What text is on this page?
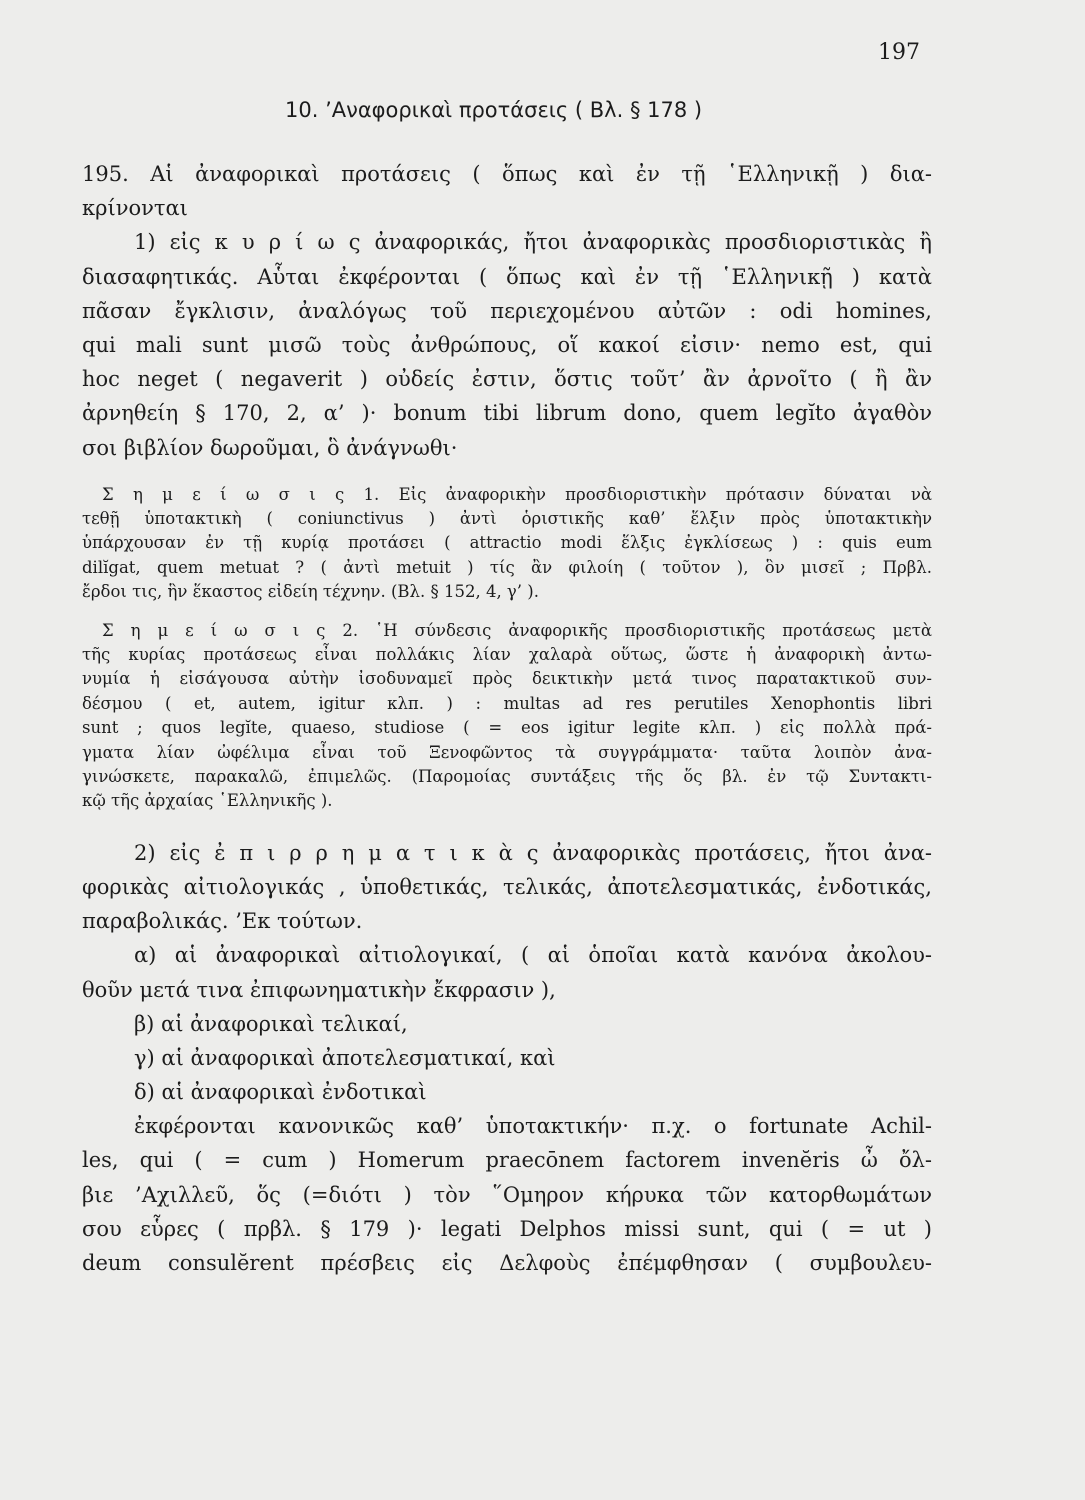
197
10. ’Αναφορικαὶ προτάσεις ( Βλ. § 178 )
195. Αἱ ἀναφορικαὶ προτάσεις ( ὅπως καὶ ἐν τῇ ῾Ελληνικῇ ) δια-
κρίνονται
1) εἰς κ υ ρ ί ω ς ἀναφορικάς, ἤτοι ἀναφορικὰς προσδιοριστικὰς ἢ
διασαφητικάς. Αὗται ἐκφέρονται ( ὅπως καὶ ἐν τῇ ῾Ελληνικῇ ) κατὰ
πᾶσαν ἔγκλισιν, ἀναλόγως τοῦ περιεχομένου αὐτῶν : odi homines,
qui mali sunt μισῶ τοὺς ἀνθρώπους, οἵ κακοί εἰσιν· nemo est, qui
hoc neget ( negaverit ) οὐδείς ἐστιν, ὅστις τοῦτ’ ἂν ἀρνοῖτο ( ἢ ἂν
ἀρνηθείη § 170, 2, α’ )· bonum tibi librum dono, quem legĭto ἀγαθὸν
σοι βιβλίον δωροῦμαι, ὃ ἀνάγνωθι·
Σ η μ ε ί ω σ ι ς 1. Εἰς ἀναφορικὴν προσδιοριστικὴν πρότασιν δύναται νὰ
τεθῇ ὑποτακτικὴ ( coniunctivus ) ἀντὶ ὁριστικῆς καθ’ ἕλξιν πρὸς ὑποτακτικὴν
ὑπάρχουσαν ἐν τῇ κυρίᾳ προτάσει ( attractio modi ἕλξις ἐγκλίσεως ) : quis eum
dilĭgat, quem metuat ? ( ἀντὶ metuit ) τίς ἂν φιλοίη ( τοῦτον ), ὃν μισεῖ ; Πρβλ.
ἔρδοι τις, ἣν ἕκαστος εἰδείη τέχνην. (Βλ. § 152, 4, γ’ ).
Σ η μ ε ί ω σ ι ς 2. ῾Η σύνδεσις ἀναφορικῆς προσδιοριστικῆς προτάσεως μετὰ
τῆς κυρίας προτάσεως εἶναι πολλάκις λίαν χαλαρὰ οὕτως, ὥστε ἡ ἀναφορικὴ ἀντω-
νυμία ἡ εἰσάγουσα αὐτὴν ἰσοδυναμεῖ πρὸς δεικτικὴν μετά τινος παρατακτικοῦ συν-
δέσμου ( et, autem, igitur κλπ. ) : multas ad res perutiles Xenophontis libri
sunt ; quos legĭte, quaeso, studiose ( = eos igitur legite κλπ. ) εἰς πολλὰ πρά-
γματα λίαν ὠφέλιμα εἶναι τοῦ Ξενοφῶντος τὰ συγγράμματα· ταῦτα λοιπὸν ἀνα-
γινώσκετε, παρακαλῶ, ἐπιμελῶς. (Παρομοίας συντάξεις τῆς ὅς βλ. ἐν τῷ Συντακτι-
κῷ τῆς ἀρχαίας ῾Ελληνικῆς ).
2) εἰς ἐ π ι ρ ρ η μ α τ ι κ ὰ ς ἀναφορικὰς προτάσεις, ἤτοι ἀνα-
φορικὰς αἰτιολογικάς , ὑποθετικάς, τελικάς, ἀποτελεσματικάς, ἐνδοτικάς,
παραβολικάς. ’Εκ τούτων.
α) αἱ ἀναφορικαὶ αἰτιολογικαί, ( αἱ ὁποῖαι κατὰ κανόνα ἀκολου-
θοῦν μετά τινα ἐπιφωνηματικὴν ἔκφρασιν ),
β) αἱ ἀναφορικαὶ τελικαί,
γ) αἱ ἀναφορικαὶ ἀποτελεσματικαί, καὶ
δ) αἱ ἀναφορικαὶ ἐνδοτικαὶ
ἐκφέρονται κανονικῶς καθ’ ὑποτακτικήν· π.χ. o fortunate Achil-
les, qui ( = cum ) Homerum praecōnem factorem invenĕris ὦ ὄλ-
βιε ’Αχιλλεῦ, ὅς (=διότι ) τὸν ῞Ομηρον κήρυκα τῶν κατορθωμάτων
σου εὗρες ( πρβλ. § 179 )· legati Delphos missi sunt, qui ( = ut )
deum consulĕrent πρέσβεις εἰς Δελφοὺς ἐπέμφθησαν ( συμβουλευ-
